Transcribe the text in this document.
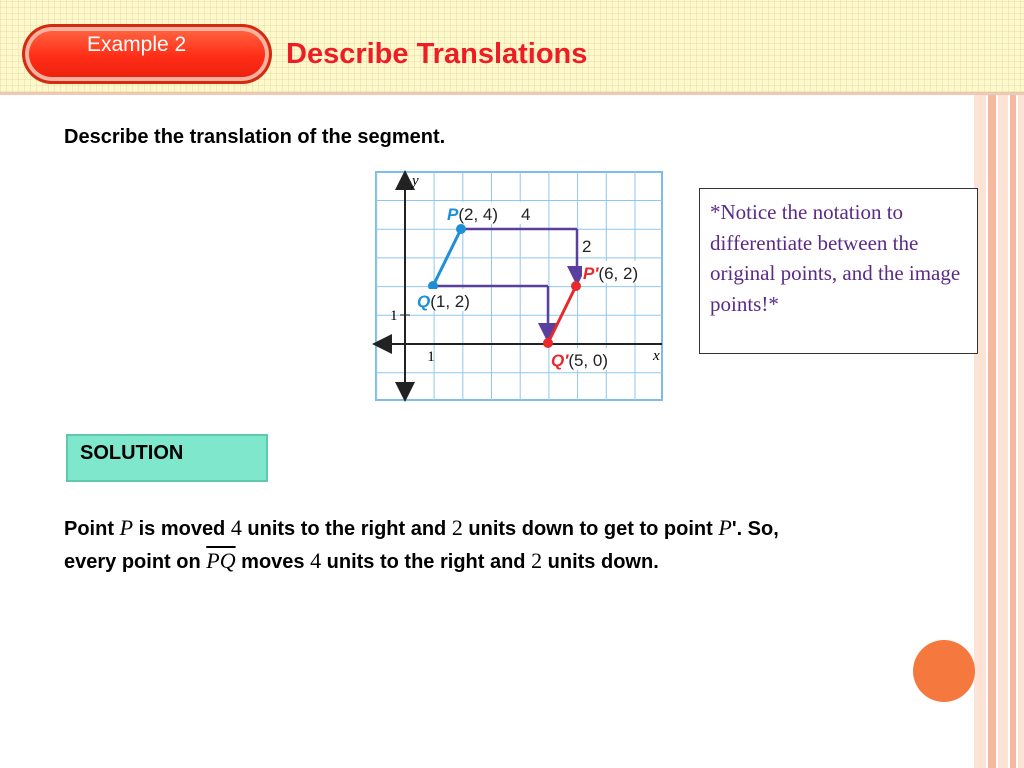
Example 2	Describe Translations
Describe the translation of the segment.
x
y
1
1
P(2, 4) 4
2
P′(6, 2)
Q(1, 2)
Q′(5, 0)
*Notice the notation to differentiate between the original points, and the image points!*
SOLUTION
Point P is moved 4 units to the right and 2 units down to get to point P'. So,
every point on $\overline{PQ}$ moves 4 units to the right and 2 units down.
